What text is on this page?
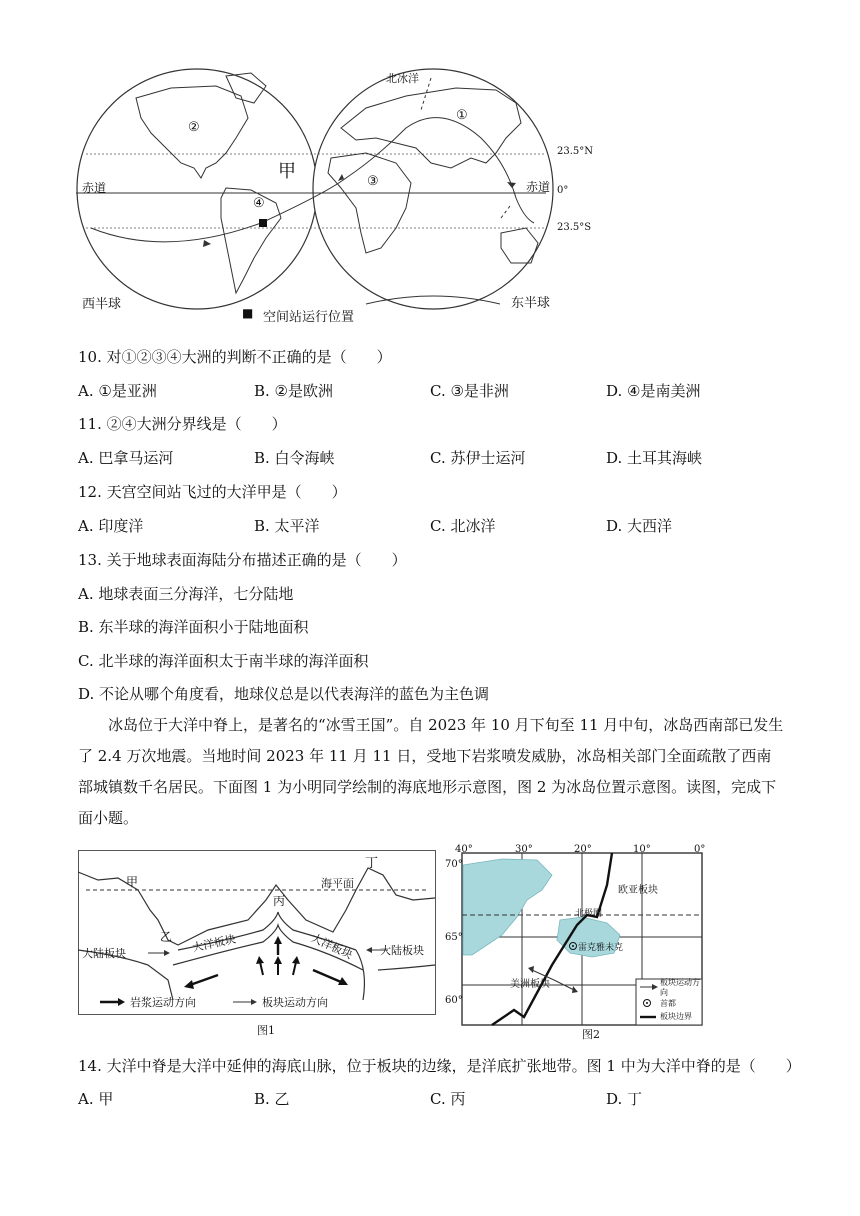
北冰洋
①
②
③
④
甲
赤道	赤道
23.5°N
0°
23.5°S
西半球	东半球
■ 空间站运行位置
10. 对①②③④大洲的判断不正确的是（　　）
A. ①是亚洲	B. ②是欧洲	C. ③是非洲	D. ④是南美洲
11. ②④大洲分界线是（　　）
A. 巴拿马运河	B. 白令海峡	C. 苏伊士运河	D. 土耳其海峡
12. 天宫空间站飞过的大洋甲是（　　）
A. 印度洋	B. 太平洋	C. 北冰洋	D. 大西洋
13. 关于地球表面海陆分布描述正确的是（　　）
A. 地球表面三分海洋，七分陆地
B. 东半球的海洋面积小于陆地面积
C. 北半球的海洋面积太于南半球的海洋面积
D. 不论从哪个角度看，地球仪总是以代表海洋的蓝色为主色调
冰岛位于大洋中脊上，是著名的“冰雪王国”。自 2023 年 10 月下旬至 11 月中旬，冰岛西南部已发生了 2.4 万次地震。当地时间 2023 年 11 月 11 日，受地下岩浆喷发威胁，冰岛相关部门全面疏散了西南部城镇数千名居民。下面图 1 为小明同学绘制的海底地形示意图，图 2 为冰岛位置示意图。读图，完成下面小题。
丁
海平面
甲
乙
丙
大洋板块	大洋板块
大陆板块	大陆板块
岩浆运动方向	板块运动方向
图1
40°	30°	20°	10°	0°
70°
65°
60°
欧亚板块
北极圈
雷克雅未克
美洲板块	板块运动方向
首都
板块边界
图2
14. 大洋中脊是大洋中延伸的海底山脉，位于板块的边缘，是洋底扩张地带。图 1 中为大洋中脊的是（　　）
A. 甲	B. 乙	C. 丙	D. 丁
